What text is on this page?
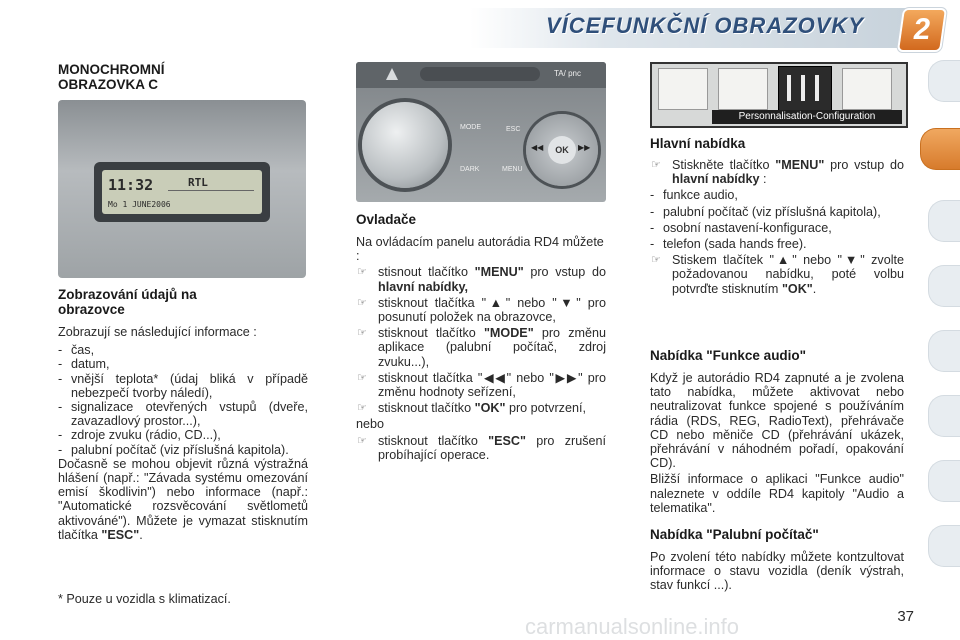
VÍCEFUNKČNÍ OBRAZOVKY	2

MONOCHROMNÍ

OBRAZOVKA C

11:32	RTL
Mo 1 JUNE2006

Zobrazování údajů na

obrazovce

Zobrazují se následující informace :

- čas,
- datum,
- vnější teplota* (údaj bliká v případě nebezpečí tvorby náledí),
- signalizace otevřených vstupů (dveře, zavazadlový prostor...),
- zdroje zvuku (rádio, CD...),
- palubní počítač (viz příslušná kapitola).

Dočasně se mohou objevit různá výstražná hlášení (např.: "Závada systému omezování emisí škodlivin") nebo informace (např.: "Automatické rozsvěcování světlometů aktivováné"). Můžete je vymazat stisknutím tlačítka "ESC".

* Pouze u vozidla s klimatizací.

TA/ pnc
MODE
DARK
ESC
MENU
OK
◀◀	▶▶

Ovladače

Na ovládacím panelu autorádia RD4 můžete :

☞ stisnout tlačítko "MENU" pro vstup do hlavní nabídky,
☞ stisknout tlačítka "▲" nebo "▼" pro posunutí položek na obrazovce,
☞ stisknout tlačítko "MODE" pro změnu aplikace (palubní počítač, zdroj zvuku...),
☞ stisknout tlačítka "◀◀" nebo "▶▶" pro změnu hodnoty seřízení,
☞ stisknout tlačítko "OK" pro potvrzení,

nebo

☞ stisknout tlačítko "ESC" pro zrušení probíhající operace.
Personnalisation-Configuration

Hlavní nabídka

☞ Stiskněte tlačítko "MENU" pro vstup do hlavní nabídky :
- funkce audio,
- palubní počítač (viz příslušná kapitola),
- osobní nastavení-konfigurace,
- telefon (sada hands free).
☞ Stiskem tlačítek "▲" nebo "▼" zvolte požadovanou nabídku, poté volbu potvrďte stisknutím "OK".

Nabídka "Funkce audio"

Když je autorádio RD4 zapnuté a je zvolena tato nabídka, můžete aktivovat nebo neutralizovat funkce spojené s používáním rádia (RDS, REG, RadioText), přehrávače CD nebo měniče CD (přehrávání ukázek, přehrávání v náhodném pořadí, opakování CD).

Bližší informace o aplikaci "Funkce audio" naleznete v oddíle RD4 kapitoly "Audio a telematika".

Nabídka "Palubní počítač"

Po zvolení této nabídky můžete kontzultovat informace o stavu vozidla (deník výstrah, stav funkcí ...).

37
carmanualsonline.info
